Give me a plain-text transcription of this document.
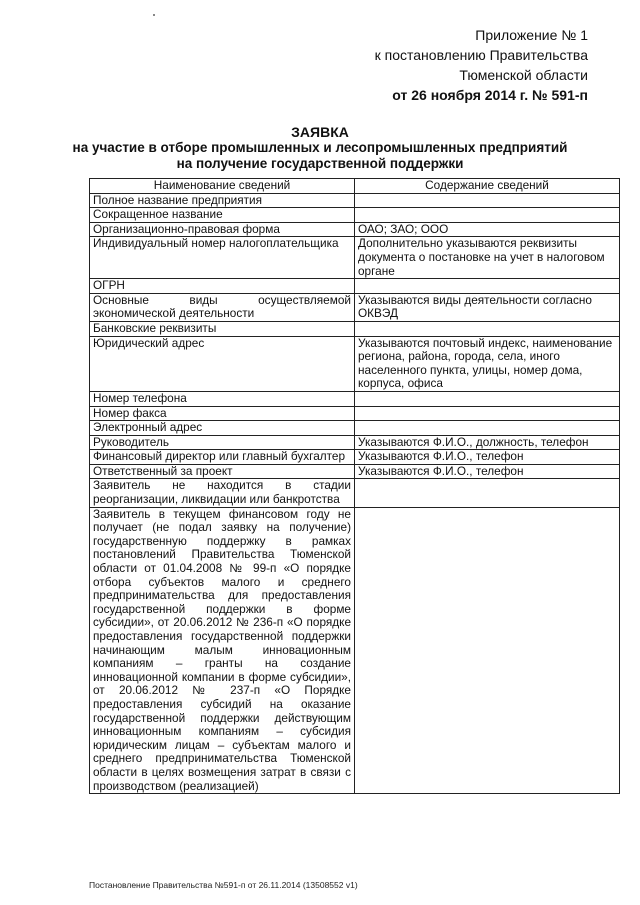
Приложение № 1
к постановлению Правительства
Тюменской области
от 26 ноября 2014 г. № 591-п
ЗАЯВКА
на участие в отборе промышленных и лесопромышленных предприятий
на получение государственной поддержки
Наименование сведений	Содержание сведений
Полное название предприятия	
Сокращенное название	
Организационно-правовая форма	ОАО; ЗАО; ООО
Индивидуальный номер налогоплательщика	Дополнительно указываются реквизиты документа о постановке на учет в налоговом органе
ОГРН	
Основные виды осуществляемой экономической деятельности	Указываются виды деятельности согласно ОКВЭД
Банковские реквизиты	
Юридический адрес	Указываются почтовый индекс, наименование региона, района, города, села, иного населенного пункта, улицы, номер дома, корпуса, офиса
Номер телефона	
Номер факса	
Электронный адрес	
Руководитель	Указываются Ф.И.О., должность, телефон
Финансовый директор или главный бухгалтер	Указываются Ф.И.О., телефон
Ответственный за проект	Указываются Ф.И.О., телефон
Заявитель не находится в стадии реорганизации, ликвидации или банкротства	
Заявитель в текущем финансовом году не получает (не подал заявку на получение) государственную поддержку в рамках постановлений Правительства Тюменской области от 01.04.2008 № 99-п «О порядке отбора субъектов малого и среднего предпринимательства для предоставления государственной поддержки в форме субсидии», от 20.06.2012 № 236-п «О порядке предоставления государственной поддержки начинающим малым инновационным компаниям – гранты на создание инновационной компании в форме субсидии», от 20.06.2012 № 237-п «О Порядке предоставления субсидий на оказание государственной поддержки действующим инновационным компаниям – субсидия юридическим лицам – субъектам малого и среднего предпринимательства Тюменской области в целях возмещения затрат в связи с производством (реализацией)	
Постановление Правительства №591-п от 26.11.2014 (13508552 v1)
